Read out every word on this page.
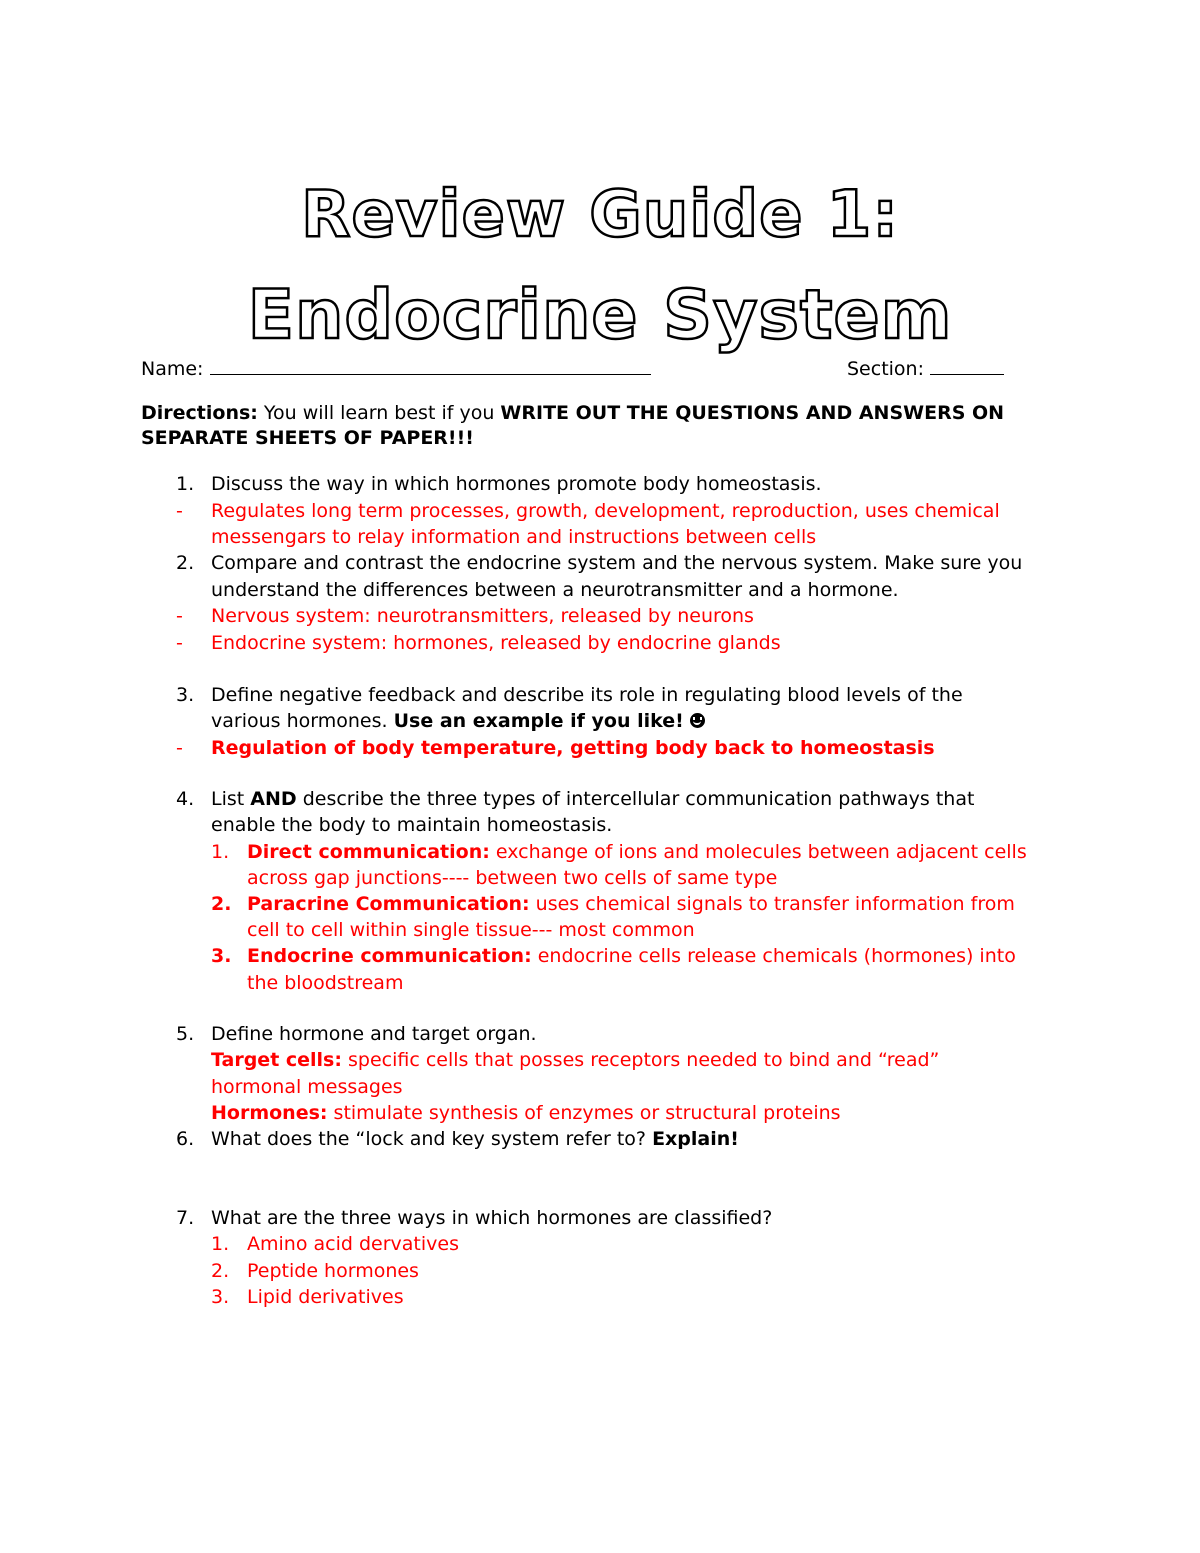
Review Guide 1:
Endocrine System
Name:	Section:
Directions: You will learn best if you WRITE OUT THE QUESTIONS AND ANSWERS ON
SEPARATE SHEETS OF PAPER!!!
1. Discuss the way in which hormones promote body homeostasis.
- Regulates long term processes, growth, development, reproduction, uses chemical
messengars to relay information and instructions between cells
2. Compare and contrast the endocrine system and the nervous system. Make sure you
understand the differences between a neurotransmitter and a hormone.
- Nervous system: neurotransmitters, released by neurons
- Endocrine system: hormones, released by endocrine glands
3. Define negative feedback and describe its role in regulating blood levels of the
various hormones. Use an example if you like!
- Regulation of body temperature, getting body back to homeostasis
4. List AND describe the three types of intercellular communication pathways that
enable the body to maintain homeostasis.
1. Direct communication: exchange of ions and molecules between adjacent cells
across gap junctions---- between two cells of same type
2. Paracrine Communication: uses chemical signals to transfer information from
cell to cell within single tissue--- most common
3. Endocrine communication: endocrine cells release chemicals (hormones) into
the bloodstream
5. Define hormone and target organ.
Target cells: specific cells that posses receptors needed to bind and “read”
hormonal messages
Hormones: stimulate synthesis of enzymes or structural proteins
6. What does the “lock and key system refer to? Explain!
7. What are the three ways in which hormones are classified?
1. Amino acid dervatives
2. Peptide hormones
3. Lipid derivatives
